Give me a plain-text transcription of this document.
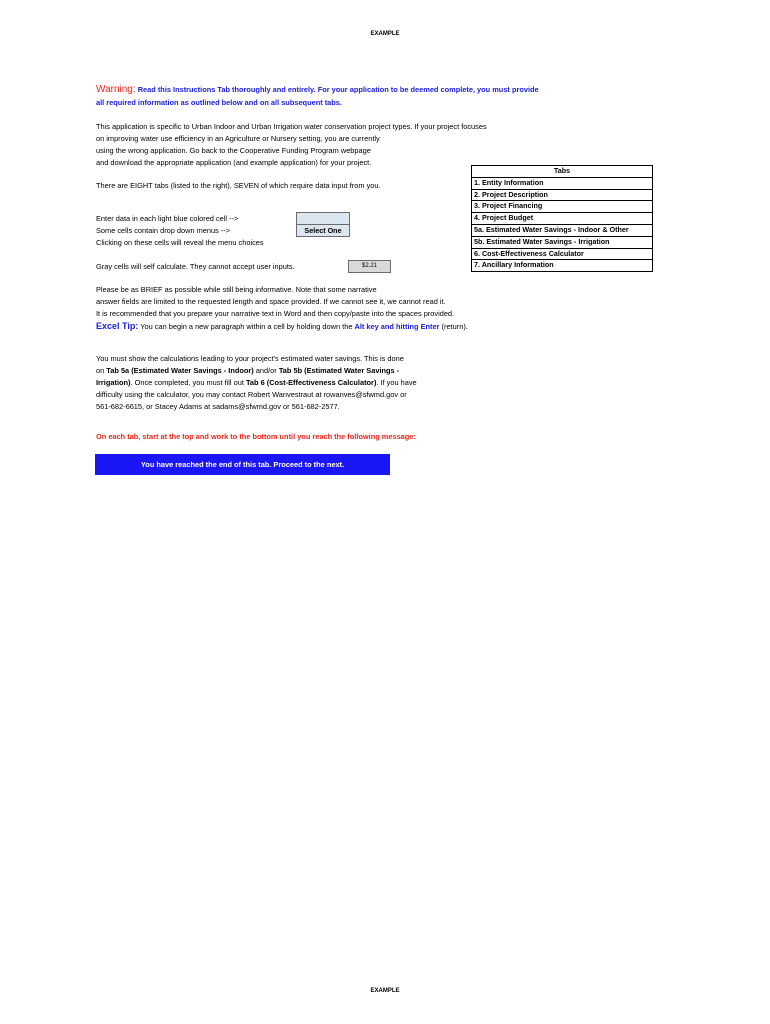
EXAMPLE
Warning: Read this Instructions Tab thoroughly and entirely. For your application to be deemed complete, you must provide
all required information as outlined below and on all subsequent tabs.
This application is specific to Urban Indoor and Urban Irrigation water conservation project types. If your project focuses
on improving water use efficiency in an Agriculture or Nursery setting, you are currently
using the wrong application. Go back to the Cooperative Funding Program webpage
and download the appropriate application (and example application) for your project.
There are EIGHT tabs (listed to the right), SEVEN of which require data input from you.
Tabs
1. Entity Information
2. Project Description
3. Project Financing
4. Project Budget
5a. Estimated Water Savings - Indoor & Other
5b. Estimated Water Savings - Irrigation
6. Cost-Effectiveness Calculator
7. Ancillary Information
Enter data in each light blue colored cell -->
Some cells contain drop down menus -->	Select One
Clicking on these cells will reveal the menu choices
Gray cells will self calculate. They cannot accept user inputs.	$2.21
Please be as BRIEF as possible while still being informative. Note that some narrative
answer fields are limited to the requested length and space provided. If we cannot see it, we cannot read it.
It is recommended that you prepare your narrative text in Word and then copy/paste into the spaces provided.
Excel Tip: You can begin a new paragraph within a cell by holding down the Alt key and hitting Enter (return).
You must show the calculations leading to your project's estimated water savings. This is done
on Tab 5a (Estimated Water Savings - Indoor) and/or Tab 5b (Estimated Water Savings -
Irrigation). Once completed, you must fill out Tab 6 (Cost-Effectiveness Calculator). If you have
difficulty using the calculator, you may contact Robert Wanvestraut at rowanves@sfwmd.gov or
561-682-6615, or Stacey Adams at sadams@sfwmd.gov or 561-682-2577.
On each tab, start at the top and work to the bottom until you reach the following message:
You have reached the end of this tab. Proceed to the next.
EXAMPLE
